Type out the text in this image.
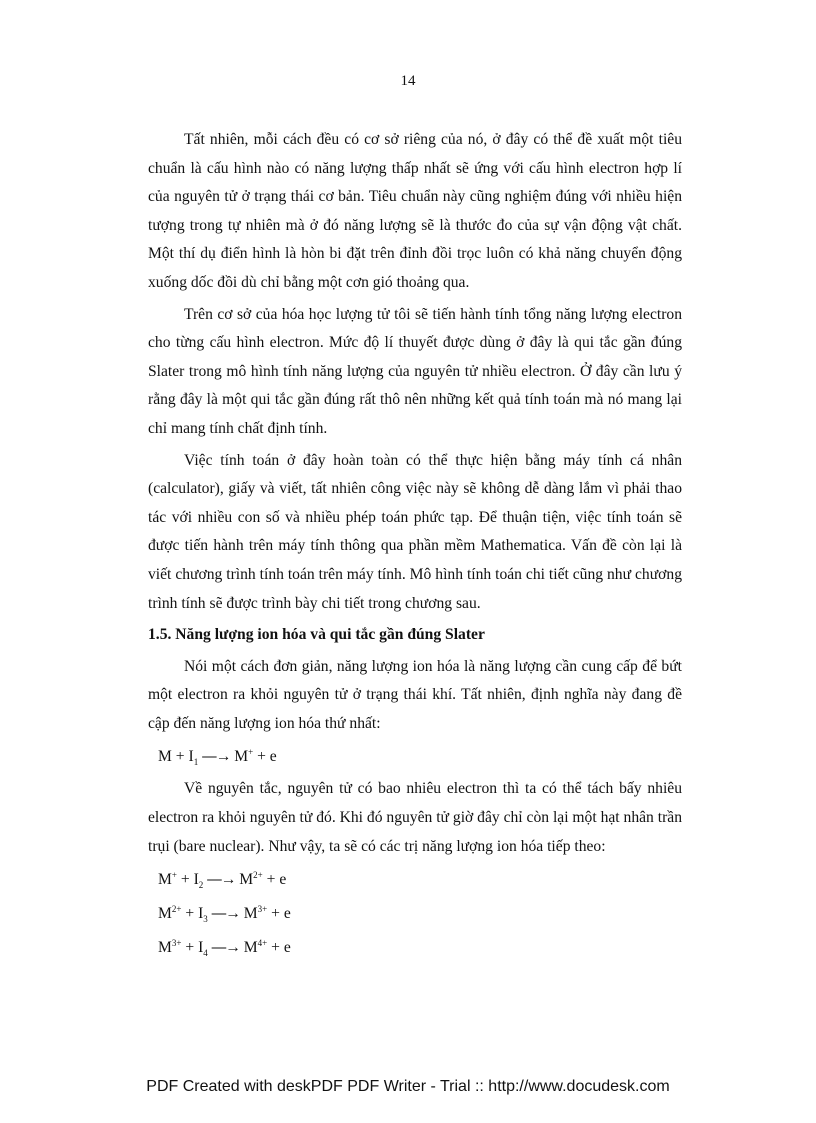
14

Tất nhiên, mỗi cách đều có cơ sở riêng của nó, ở đây có thể đề xuất một tiêu chuẩn là cấu hình nào có năng lượng thấp nhất sẽ ứng với cấu hình electron hợp lí của nguyên tử ở trạng thái cơ bản. Tiêu chuẩn này cũng nghiệm đúng với nhiều hiện tượng trong tự nhiên mà ở đó năng lượng sẽ là thước đo của sự vận động vật chất. Một thí dụ điển hình là hòn bi đặt trên đỉnh đồi trọc luôn có khả năng chuyển động xuống dốc đồi dù chỉ bằng một cơn gió thoảng qua.

Trên cơ sở của hóa học lượng tử tôi sẽ tiến hành tính tổng năng lượng electron cho từng cấu hình electron. Mức độ lí thuyết được dùng ở đây là qui tắc gần đúng Slater trong mô hình tính năng lượng của nguyên tử nhiều electron. Ở đây cần lưu ý rằng đây là một qui tắc gần đúng rất thô nên những kết quả tính toán mà nó mang lại chỉ mang tính chất định tính.

Việc tính toán ở đây hoàn toàn có thể thực hiện bằng máy tính cá nhân (calculator), giấy và viết, tất nhiên công việc này sẽ không dễ dàng lắm vì phải thao tác với nhiều con số và nhiều phép toán phức tạp. Để thuận tiện, việc tính toán sẽ được tiến hành trên máy tính thông qua phần mềm Mathematica. Vấn đề còn lại là viết chương trình tính toán trên máy tính. Mô hình tính toán chi tiết cũng như chương trình tính sẽ được trình bày chi tiết trong chương sau.

1.5. Năng lượng ion hóa và qui tắc gần đúng Slater

Nói một cách đơn giản, năng lượng ion hóa là năng lượng cần cung cấp để bứt một electron ra khỏi nguyên tử ở trạng thái khí. Tất nhiên, định nghĩa này đang đề cập đến năng lượng ion hóa thứ nhất:

$M + I_1$ ⎯⎯→ M+ + e

Về nguyên tắc, nguyên tử có bao nhiêu electron thì ta có thể tách bấy nhiêu electron ra khỏi nguyên tử đó. Khi đó nguyên tử giờ đây chỉ còn lại một hạt nhân trần trụi (bare nuclear). Như vậy, ta sẽ có các trị năng lượng ion hóa tiếp theo:

$M^+ + I_2$ ⎯⎯→ $M^{2+} + e$
$M^{2+} + I_3$ ⎯⎯→ $M^{3+} + e$
$M^{3+} + I_4$ ⎯⎯→ $M^{4+} + e$
PDF Created with deskPDF PDF Writer - Trial :: http://www.docudesk.com
